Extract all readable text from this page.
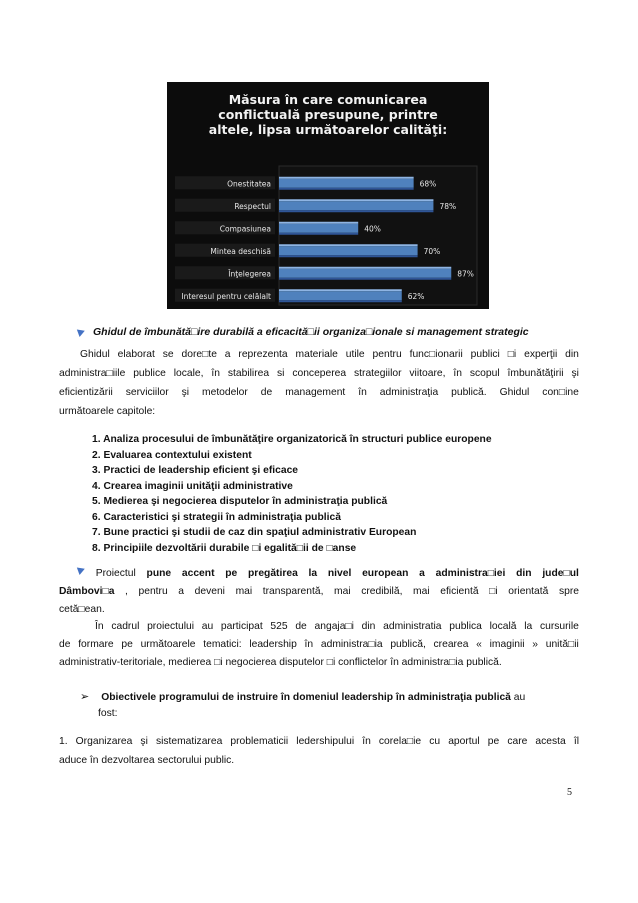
Măsura în care comunicarea
conflictuală presupune, printre
altele, lipsa următoarelor calităţi:
Onestitatea	68%
Respectul	78%
Compasiunea	40%
Mintea deschisă	70%
Înţelegerea	87%
Interesul pentru celălalt	62%
Ghidul de îmbunătă□ire durabilă a eficacită□ii organiza□ionale si management strategic
Ghidul elaborat se dore□te a reprezenta materiale utile pentru func□ionarii publici □i experţii din
administra□iile publice locale, în stabilirea si conceperea strategiilor viitoare, în scopul îmbunătăţirii şi
eficientizării serviciilor şi metodelor de management în administraţia publică. Ghidul con□ine
următoarele capitole:
1. Analiza procesului de îmbunătăţire organizatorică în structuri publice europene
2. Evaluarea contextului existent
3. Practici de leadership eficient şi eficace
4. Crearea imaginii unităţii administrative
5. Medierea şi negocierea disputelor în administraţia publică
6. Caracteristici şi strategii în administraţia publică
7. Bune practici şi studii de caz din spaţiul administrativ European
8. Principiile dezvoltării durabile □i egalită□ii de □anse
Proiectul pune accent pe pregătirea la nivel european a administra□iei din jude□ul
Dâmbovi□a , pentru a deveni mai transparentă, mai credibilă, mai eficientă □i orientată spre
cetă□ean.
În cadrul proiectului au participat 525 de angaja□i din administratia publica locală la cursurile
de formare pe următoarele tematici: leadership în administra□ia publică, crearea « imaginii » unită□ii
administrativ-teritoriale, medierea □i negocierea disputelor □i conflictelor în administra□ia publică.
➢ Obiectivele programului de instruire în domeniul leadership în administraţia publică au
fost:
1. Organizarea şi sistematizarea problematicii ledershipului în corela□ie cu aportul pe care acesta îl
aduce în dezvoltarea sectorului public.
5
